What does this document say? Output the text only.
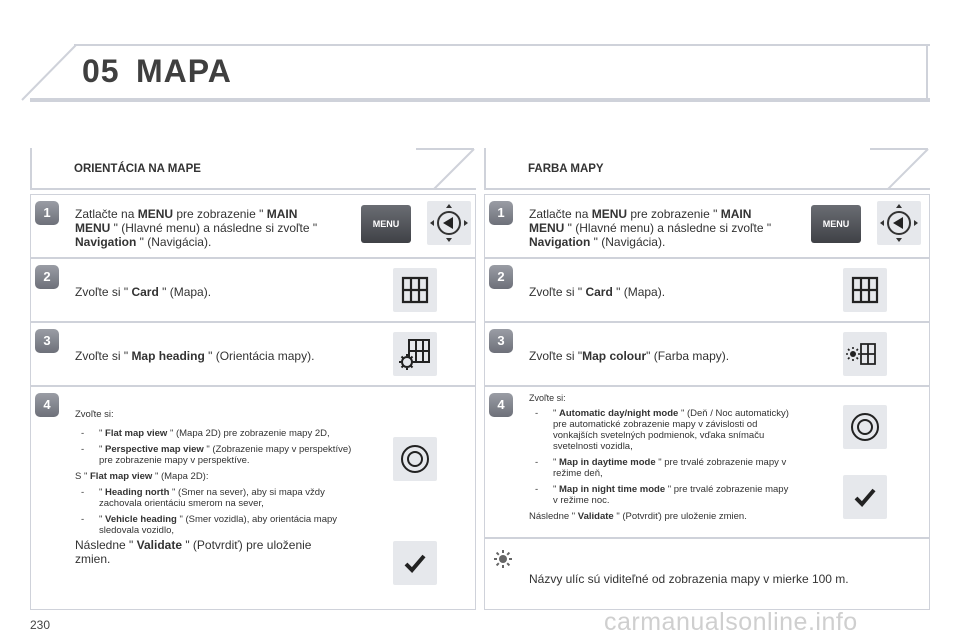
05 MAPA
ORIENTÁCIA NA MAPE
1	Zatlačte na MENU pre zobrazenie " MAIN MENU " (Hlavné menu) a následne si zvoľte " Navigation " (Navigácia).
MENU
2
Zvoľte si " Card " (Mapa).
3
Zvoľte si " Map heading " (Orientácia mapy).
4
Zvoľte si:
- " Flat map view " (Mapa 2D) pre zobrazenie mapy 2D,
- " Perspective map view " (Zobrazenie mapy v perspektíve) pre zobrazenie mapy v perspektíve.
S " Flat map view " (Mapa 2D):
- " Heading north " (Smer na sever), aby si mapa vždy zachovala orientáciu smerom na sever,
- " Vehicle heading " (Smer vozidla), aby orientácia mapy sledovala vozidlo,
Následne " Validate " (Potvrdiť) pre uloženie zmien.
FARBA MAPY
1	Zatlačte na MENU pre zobrazenie " MAIN MENU " (Hlavné menu) a následne si zvoľte " Navigation " (Navigácia).
MENU
2
Zvoľte si " Card " (Mapa).
3
Zvoľte si "Map colour" (Farba mapy).
4	Zvoľte si:
- " Automatic day/night mode " (Deň / Noc automaticky) pre automatické zobrazenie mapy v závislosti od vonkajších svetelných podmienok, vďaka snímaču svetelnosti vozidla,
- " Map in daytime mode " pre trvalé zobrazenie mapy v režime deň,
- " Map in night time mode " pre trvalé zobrazenie mapy v režime noc.
Následne " Validate " (Potvrdiť) pre uloženie zmien.
Názvy ulíc sú viditeľné od zobrazenia mapy v mierke 100 m.
230	carmanualsonline.info
